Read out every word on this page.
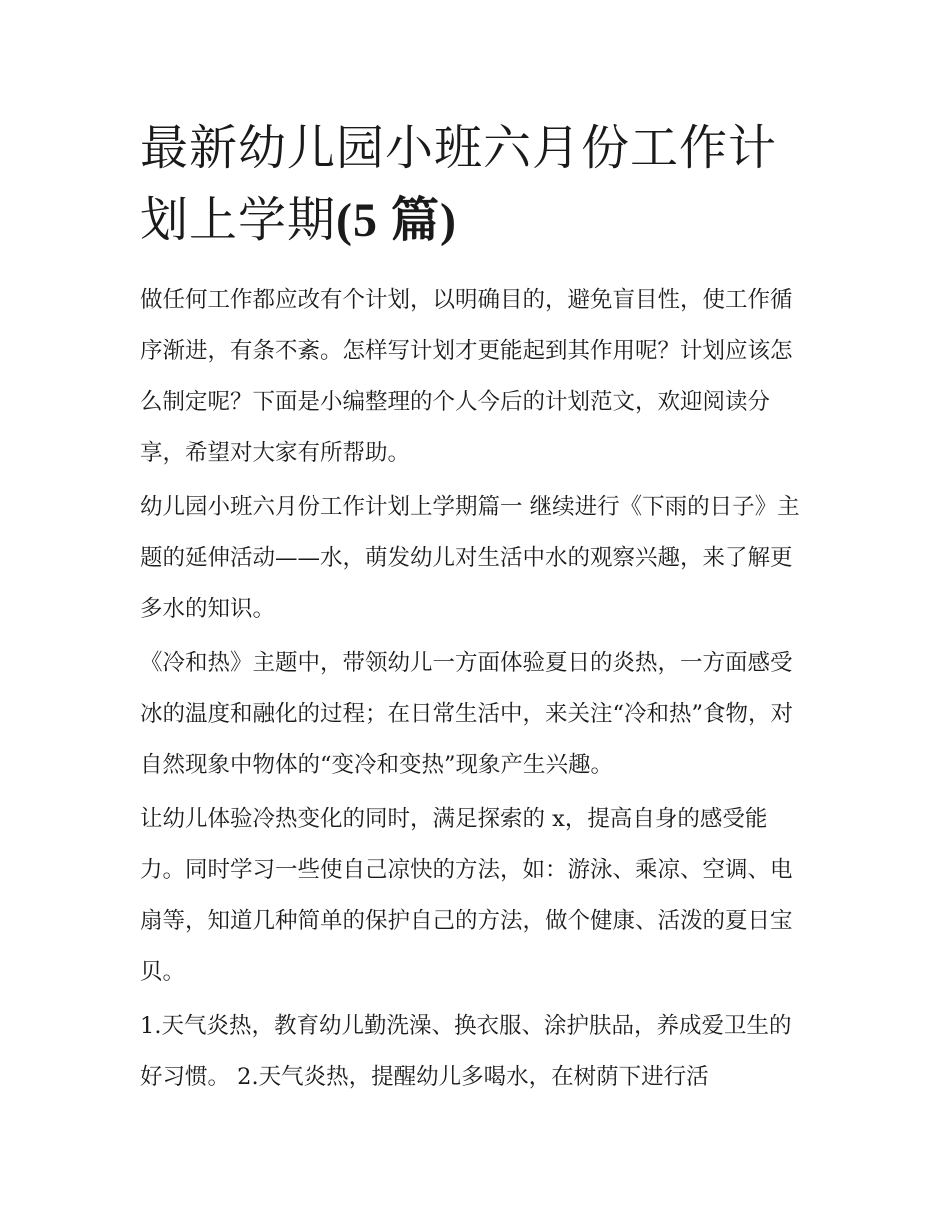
最新幼儿园小班六月份工作计划上学期(5 篇)

做任何工作都应改有个计划，以明确目的，避免盲目性，使工作循序渐进，有条不紊。怎样写计划才更能起到其作用呢？计划应该怎么制定呢？下面是小编整理的个人今后的计划范文，欢迎阅读分享，希望对大家有所帮助。

幼儿园小班六月份工作计划上学期篇一 继续进行《下雨的日子》主题的延伸活动——水，萌发幼儿对生活中水的观察兴趣，来了解更多水的知识。

《冷和热》主题中，带领幼儿一方面体验夏日的炎热，一方面感受冰的温度和融化的过程；在日常生活中，来关注“冷和热”食物，对自然现象中物体的“变冷和变热”现象产生兴趣。

让幼儿体验冷热变化的同时，满足探索的 x，提高自身的感受能力。同时学习一些使自己凉快的方法，如：游泳、乘凉、空调、电扇等，知道几种简单的保护自己的方法，做个健康、活泼的夏日宝贝。

1.天气炎热，教育幼儿勤洗澡、换衣服、涂护肤品，养成爱卫生的好习惯。 2.天气炎热，提醒幼儿多喝水，在树荫下进行活
